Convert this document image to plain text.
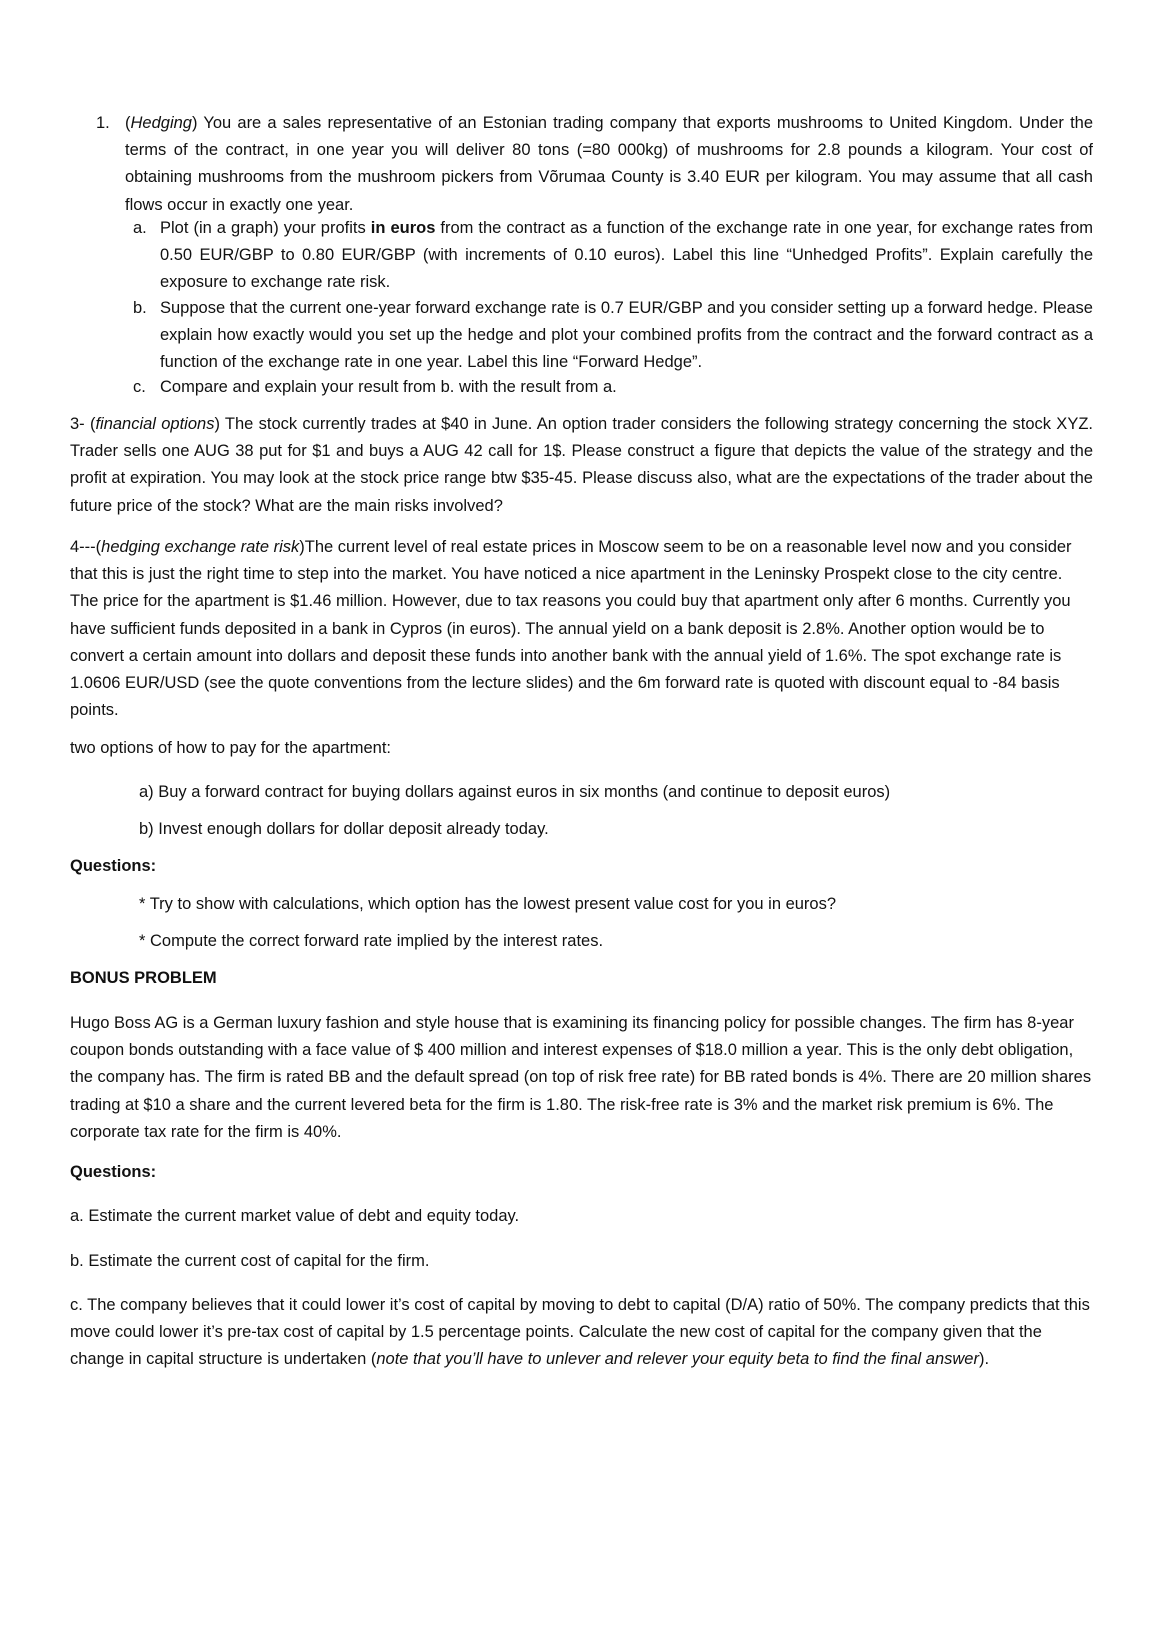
1. (Hedging) You are a sales representative of an Estonian trading company that exports mushrooms to United Kingdom. Under the terms of the contract, in one year you will deliver 80 tons (=80 000kg) of mushrooms for 2.8 pounds a kilogram. Your cost of obtaining mushrooms from the mushroom pickers from Võrumaa County is 3.40 EUR per kilogram. You may assume that all cash flows occur in exactly one year.
a. Plot (in a graph) your profits in euros from the contract as a function of the exchange rate in one year, for exchange rates from 0.50 EUR/GBP to 0.80 EUR/GBP (with increments of 0.10 euros). Label this line “Unhedged Profits”. Explain carefully the exposure to exchange rate risk.
b. Suppose that the current one-year forward exchange rate is 0.7 EUR/GBP and you consider setting up a forward hedge. Please explain how exactly would you set up the hedge and plot your combined profits from the contract and the forward contract as a function of the exchange rate in one year. Label this line “Forward Hedge”.
c. Compare and explain your result from b. with the result from a.
3- (financial options) The stock currently trades at $40 in June. An option trader considers the following strategy concerning the stock XYZ. Trader sells one AUG 38 put for $1 and buys a AUG 42 call for 1$. Please construct a figure that depicts the value of the strategy and the profit at expiration. You may look at the stock price range btw $35-45. Please discuss also, what are the expectations of the trader about the future price of the stock? What are the main risks involved?
4---(hedging exchange rate risk)The current level of real estate prices in Moscow seem to be on a reasonable level now and you consider that this is just the right time to step into the market. You have noticed a nice apartment in the Leninsky Prospekt close to the city centre. The price for the apartment is $1.46 million. However, due to tax reasons you could buy that apartment only after 6 months. Currently you have sufficient funds deposited in a bank in Cypros (in euros). The annual yield on a bank deposit is 2.8%. Another option would be to convert a certain amount into dollars and deposit these funds into another bank with the annual yield of 1.6%. The spot exchange rate is 1.0606 EUR/USD (see the quote conventions from the lecture slides) and the 6m forward rate is quoted with discount equal to -84 basis points.
two options of how to pay for the apartment:
a) Buy a forward contract for buying dollars against euros in six months (and continue to deposit euros)
b) Invest enough dollars for dollar deposit already today.
Questions:
* Try to show with calculations, which option has the lowest present value cost for you in euros?
* Compute the correct forward rate implied by the interest rates.
BONUS PROBLEM
Hugo Boss AG is a German luxury fashion and style house that is examining its financing policy for possible changes. The firm has 8-year coupon bonds outstanding with a face value of $ 400 million and interest expenses of $18.0 million a year. This is the only debt obligation, the company has. The firm is rated BB and the default spread (on top of risk free rate) for BB rated bonds is 4%. There are 20 million shares trading at $10 a share and the current levered beta for the firm is 1.80. The risk-free rate is 3% and the market risk premium is 6%. The corporate tax rate for the firm is 40%.
Questions:
a. Estimate the current market value of debt and equity today.
b. Estimate the current cost of capital for the firm.
c. The company believes that it could lower it’s cost of capital by moving to debt to capital (D/A) ratio of 50%. The company predicts that this move could lower it’s pre-tax cost of capital by 1.5 percentage points. Calculate the new cost of capital for the company given that the change in capital structure is undertaken (note that you’ll have to unlever and relever your equity beta to find the final answer).
